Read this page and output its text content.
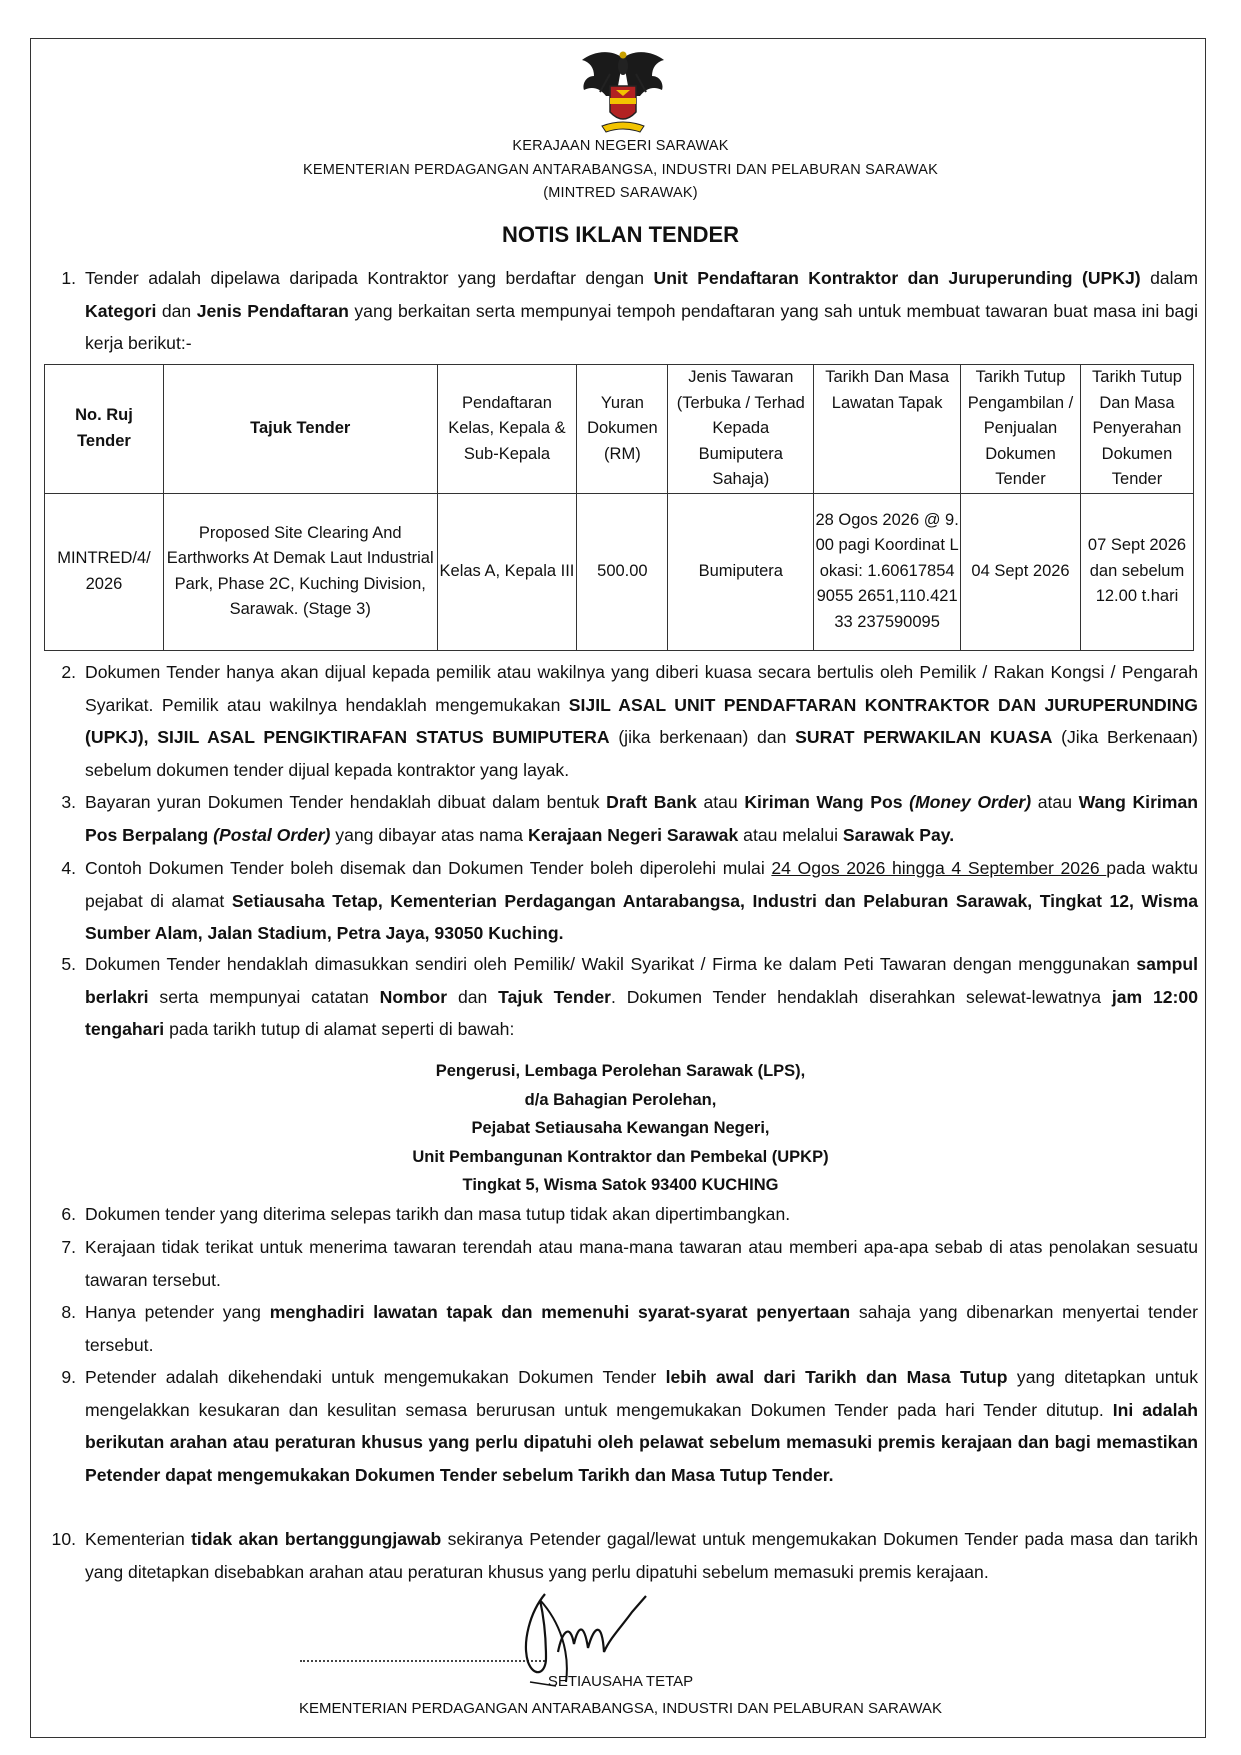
KERAJAAN NEGERI SARAWAK
KEMENTERIAN PERDAGANGAN ANTARABANGSA, INDUSTRI DAN PELABURAN SARAWAK
(MINTRED SARAWAK)
NOTIS IKLAN TENDER
1. Tender adalah dipelawa daripada Kontraktor yang berdaftar dengan Unit Pendaftaran Kontraktor dan Juruperunding (UPKJ) dalam Kategori dan Jenis Pendaftaran yang berkaitan serta mempunyai tempoh pendaftaran yang sah untuk membuat tawaran buat masa ini bagi kerja berikut:-
No. Ruj Tender	Tajuk Tender	Pendaftaran Kelas, Kepala & Sub-Kepala	Yuran Dokumen (RM)	Jenis Tawaran (Terbuka / Terhad Kepada Bumiputera Sahaja)	Tarikh Dan Masa Lawatan Tapak	Tarikh Tutup Pengambilan / Penjualan Dokumen Tender	Tarikh Tutup Dan Masa Penyerahan Dokumen Tender
MINTRED/4/ 2026	Proposed Site Clearing And Earthworks At Demak Laut Industrial Park, Phase 2C, Kuching Division, Sarawak. (Stage 3)	Kelas A, Kepala III	500.00	Bumiputera	28 Ogos 2026 @ 9.00 pagi Koordinat Lokasi: 1.606178549055 2651,110.42133 237590095	04 Sept 2026	07 Sept 2026 dan sebelum 12.00 t.hari
2. Dokumen Tender hanya akan dijual kepada pemilik atau wakilnya yang diberi kuasa secara bertulis oleh Pemilik / Rakan Kongsi / Pengarah Syarikat. Pemilik atau wakilnya hendaklah mengemukakan SIJIL ASAL UNIT PENDAFTARAN KONTRAKTOR DAN JURUPERUNDING (UPKJ), SIJIL ASAL PENGIKTIRAFAN STATUS BUMIPUTERA (jika berkenaan) dan SURAT PERWAKILAN KUASA (Jika Berkenaan) sebelum dokumen tender dijual kepada kontraktor yang layak.
3. Bayaran yuran Dokumen Tender hendaklah dibuat dalam bentuk Draft Bank atau Kiriman Wang Pos (Money Order) atau Wang Kiriman Pos Berpalang (Postal Order) yang dibayar atas nama Kerajaan Negeri Sarawak atau melalui Sarawak Pay.
4. Contoh Dokumen Tender boleh disemak dan Dokumen Tender boleh diperolehi mulai 24 Ogos 2026 hingga 4 September 2026 pada waktu pejabat di alamat Setiausaha Tetap, Kementerian Perdagangan Antarabangsa, Industri dan Pelaburan Sarawak, Tingkat 12, Wisma Sumber Alam, Jalan Stadium, Petra Jaya, 93050 Kuching.
5. Dokumen Tender hendaklah dimasukkan sendiri oleh Pemilik/ Wakil Syarikat / Firma ke dalam Peti Tawaran dengan menggunakan sampul berlakri serta mempunyai catatan Nombor dan Tajuk Tender. Dokumen Tender hendaklah diserahkan selewat-lewatnya jam 12:00 tengahari pada tarikh tutup di alamat seperti di bawah:
Pengerusi, Lembaga Perolehan Sarawak (LPS),
d/a Bahagian Perolehan,
Pejabat Setiausaha Kewangan Negeri,
Unit Pembangunan Kontraktor dan Pembekal (UPKP)
Tingkat 5, Wisma Satok 93400 KUCHING
6. Dokumen tender yang diterima selepas tarikh dan masa tutup tidak akan dipertimbangkan.
7. Kerajaan tidak terikat untuk menerima tawaran terendah atau mana-mana tawaran atau memberi apa-apa sebab di atas penolakan sesuatu tawaran tersebut.
8. Hanya petender yang menghadiri lawatan tapak dan memenuhi syarat-syarat penyertaan sahaja yang dibenarkan menyertai tender tersebut.
9. Petender adalah dikehendaki untuk mengemukakan Dokumen Tender lebih awal dari Tarikh dan Masa Tutup yang ditetapkan untuk mengelakkan kesukaran dan kesulitan semasa berurusan untuk mengemukakan Dokumen Tender pada hari Tender ditutup. Ini adalah berikutan arahan atau peraturan khusus yang perlu dipatuhi oleh pelawat sebelum memasuki premis kerajaan dan bagi memastikan Petender dapat mengemukakan Dokumen Tender sebelum Tarikh dan Masa Tutup Tender.
10. Kementerian tidak akan bertanggungjawab sekiranya Petender gagal/lewat untuk mengemukakan Dokumen Tender pada masa dan tarikh yang ditetapkan disebabkan arahan atau peraturan khusus yang perlu dipatuhi sebelum memasuki premis kerajaan.
SETIAUSAHA TETAP
KEMENTERIAN PERDAGANGAN ANTARABANGSA, INDUSTRI DAN PELABURAN SARAWAK
